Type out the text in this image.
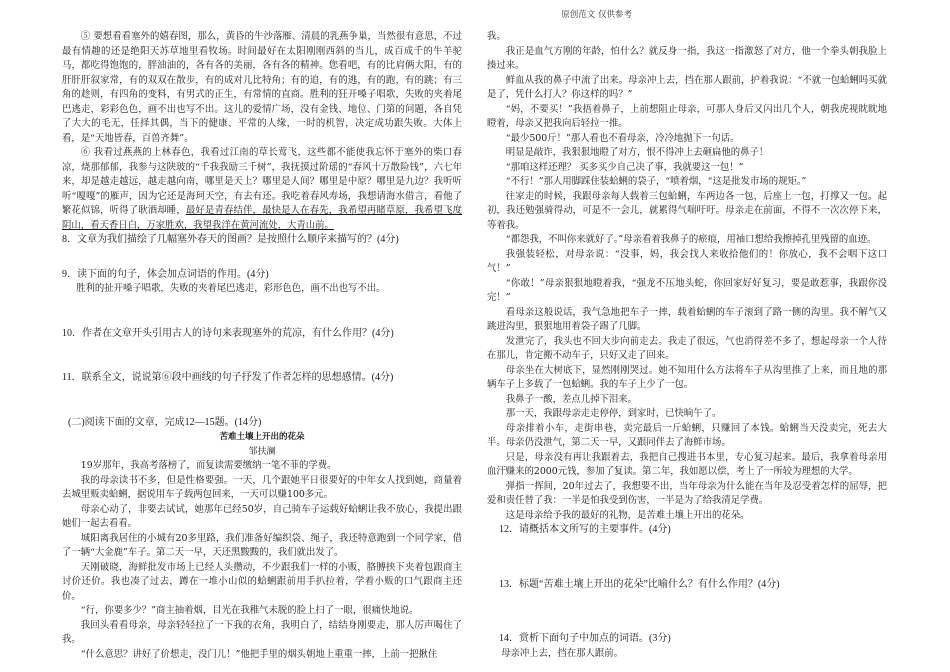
原创范文 仅供参考

⑤ 要想看看塞外的嬉春图，那么，黄昏的牛沙落雁、清晨的乳燕争巢，当然很有意思，不过最有情趣的还是绝阳天苏草地里看牧场。时间最好在太阳刚刚西斜的当儿，成百成千的牛羊驼马，都吃得饱饱的，胖油油的，各有各的美丽，各有各的精神。您看吧，有的比肩俩大阳，有的肝肝肝叙家常，有的双双在散步，有的成对儿比特角；有的追，有的逃，有的跑，有的跳；有三角的趁则，有四角的变料，有男式的正生，有常情的直商。胜利的狂开嗓子唱歌，失败的夹着尾巴逃走，彩彩色色，画不出也写不出。这儿的爱情广场，没有金钱、地位、门第的问题，各自凭了大大的毛无，任择其偶，当下的健康、平常的人缘，一时的机智，决定成功跟失败。大体上看，是“天地皆春，百兽齐舞”。

⑥ 我看过燕燕的上林春色，我看过江南的草长莺飞，这些都不能使我忘怀于塞外的柴口春凉，烧那郁郁，我参与这陕玻的“千我我励三千树”，我抚摸过阶瑶的“春风十万散险钱”，六七年来，却是越走越远，越走越向南，哪里是天上？哪里是人间？哪里是中原？哪里是九边？我听听听“嘎嘎”的雁声，因为它还是海珂天空，有去有还。我吃着春风寿场，我想请海水借言，看他了繁花似锦，听得了耿酒却睡，最好是青春结伴，最快是人在春先，我希望再睹草原，我希望飞度阴山，看天香日白，万家胜欢，我望我洋在黄河流处，大青山前。

8．文章为我们描绘了几幅塞外春天的图画？是按照什么顺序来描写的？(4分)
9．读下面的句子，体会加点词语的作用。(4分)
胜利的扯开嗓子唱歌，失败的夹着尾巴逃走，彩形色色，画不出也写不出。
10．作者在文章开头引用古人的诗句来表现塞外的荒凉，有什么作用？(4分)
11．联系全文，说说第⑥段中画线的句子抒发了作者怎样的思想感情。(4分)
(二)阅读下面的文章，完成12—15题。(14分)
苦难土壤上开出的花朵
邹扶澜

19岁那年，我高考落榜了，而复读需要缴纳一笔不菲的学费。

我的母亲读书不多，但是性格要强。一天，几个跟她平日很要好的中年女人找到她，商量着去城里贩卖蛤蜊，据说用车子载两包回来，一天可以赚100多元。

母亲心动了，非要去试试，她那年已经50岁，自己骑车子运载好蛤蜊让我不放心，我提出跟她们一起去看看。

城阳离我居住的小城有20多里路，我们准备好编织袋、绳子，我还特意跑到一个同学家，借了一辆“大金鹿”车子。第二天一早，天还黑黢黢的，我们就出发了。

天刚破晓，海鲜批发市场上已经人头攒动，不少跟我们一样的小贩，胳膊挟下夹着包跟商主讨价还价。我也凑了过去，蹲在一堆小山似的蛤蜊跟前用手扒拉着，学着小贩的口气跟商主还价。

“行，你要多少？”商主抽着烟，目光在我稚气未脱的脸上扫了一眼，很痛快地说。

我回头看看母亲，母亲轻轻拉了一下我的衣角，我明白了，结结身刚要走，那人厉声喝住了我。

“什么意思？讲好了价想走，没门儿！”他把手里的烟头朝地上重重一摔，上前一把揪住

我。

我正是血气方刚的年龄，怕什么？就反身一指，我这一指激怒了对方，他一个拳头朝我脸上揍过来。

鲜血从我的鼻子中流了出来。母亲冲上去，挡在那人跟前，护着我说：“不就一包蛤蜊吗买就是了，凭什么打人？你这样的吗？”

“妈，不要买！”我捂着鼻子，上前想阻止母亲，可那人身后又闪出几个人，朝我虎视眈眈地瞪着，母亲又把我向后轻拉一推。

“最少500斤！”那人看也不看母亲，冷冷地抛下一句话。

明显是敲诈，我狠狠地瞪了对方，恨不得冲上去砸扁他的鼻子！

“那咱这样还理？ 买多买少自己决了事，我就要这一包！”

“不行！”那人用脚踩住装蛤蜊的袋子，“喷着烟，“这是批发市场的规矩。”

往家走的时候，我跟母亲每人载着三包蛤蜊，车两边各一包，后座上一包，打撑又一包。起初，我还勉强骑得动，可是不一会儿，就累得气喘吁吁。母亲走在前面，不得不一次次停下来，等着我。

“都怨我，不叫你来就好了。”母亲看着我鼻子的瘀痕，用袖口想给我擦掉孔里残留的血迹。

我强装轻松，对母亲说：“没事，妈，我会找人来收拾他们的！你放心，我不会咽下这口气！”

“你敢！”母亲狠狠地瞪着我，“强龙不压地头蛇，你回家好好复习，要是敢惹事，我跟你没完！”

看母亲这般说话，我气急地把车子一摔，载着蛤蜊的车子滚到了路一侧的沟里。我不解气又跳进沟里，狠狠地用着袋子踢了几脚。

发泄完了，我头也不回大步向前走去。我走了很远，气也消得差不多了，想起母亲一个人待在那儿，肯定搬不动车子，只好又走了回来。

母亲坐在大树底下，显然刚刚哭过。她不知用什么方法将车子从沟里推了上来，而且地的那辆车子上多载了一包蛤蜊。我的车子上少了一包。

我鼻子一酸，差点儿掉下泪来。

那一天，我跟母亲走走停停，到家时，已快晌午了。

母亲排着小车，走街串巷，卖完最后一斤蛤蜊，只赚回了本钱。蛤蜊当天没卖完，死去大半。母亲仍没泄气，第二天一早，又跟同伴去了海鲜市场。

只是，母亲没有再让我跟着去，我把自己搜进书本里，专心复习起来。最后，我拿着母亲用血汗赚来的2000元钱，参加了复读。第二年，我如愿以偿，考上了一所较为理想的大学。

弹指一挥间，20年过去了，我想要不出，当年母亲为什么能在当年及忍受着怎样的屈辱，把爱和责任替了我：一半是怕我受到伤害，一半是为了给我清足学费。

这是母亲给予我的最好的礼物，是苦难土壤上开出的花朵。

12．请概括本文所写的主要事件。(4分)
13．标题“苦难土壤上开出的花朵”比喻什么？有什么作用？(4分)
14．赏析下面句子中加点的词语。(3分)
母亲冲上去，挡在那人跟前。
